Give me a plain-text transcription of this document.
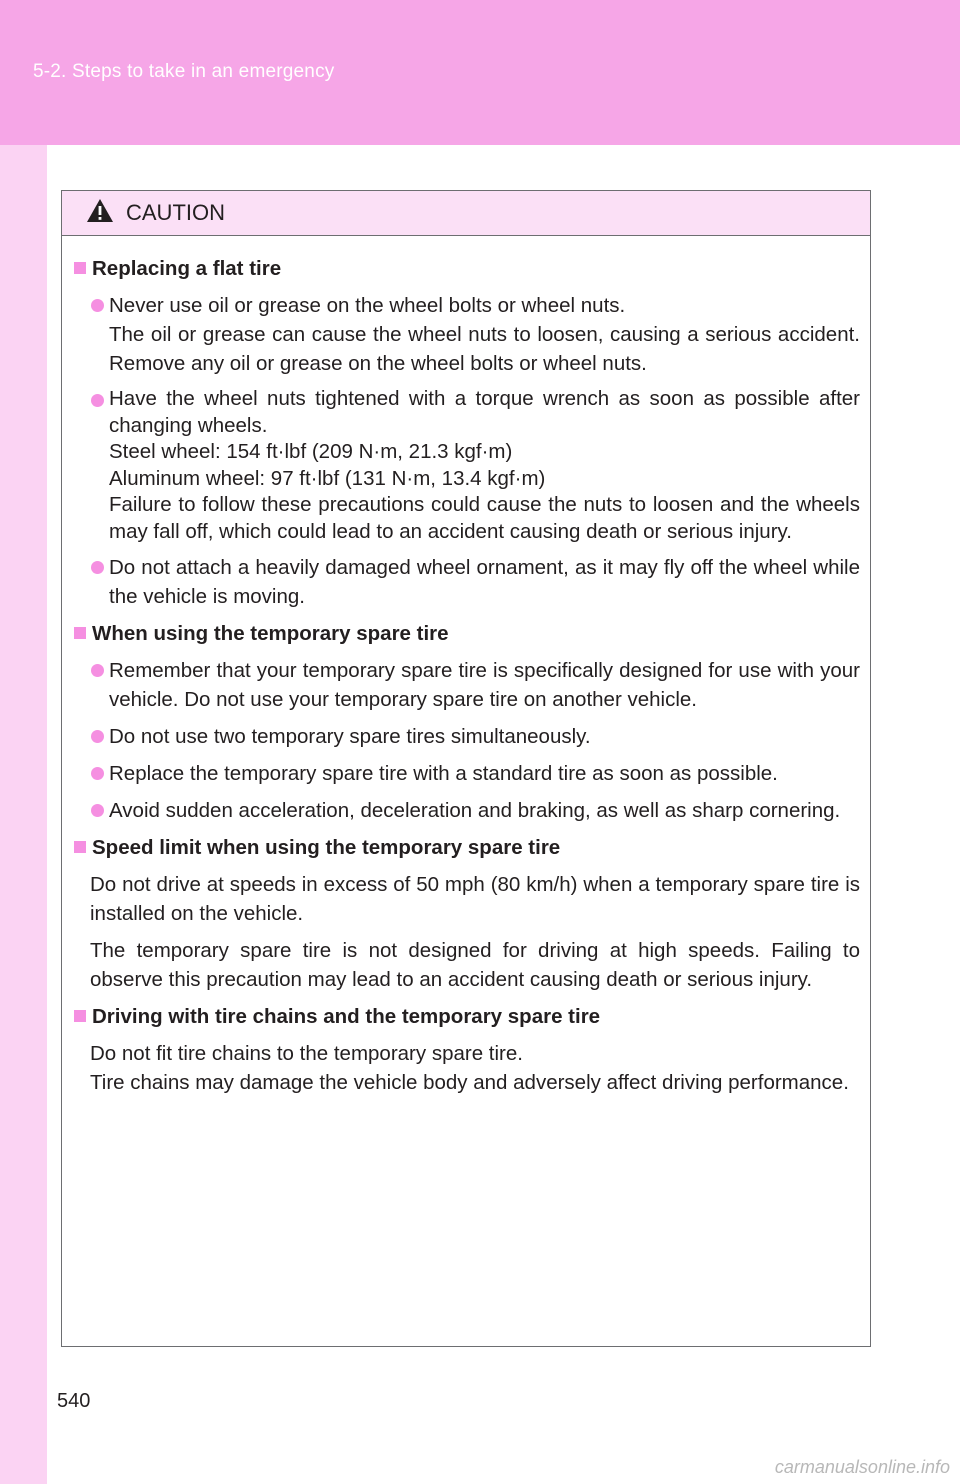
5-2. Steps to take in an emergency
CAUTION
Replacing a flat tire
Never use oil or grease on the wheel bolts or wheel nuts.
The oil or grease can cause the wheel nuts to loosen, causing a serious accident. Remove any oil or grease on the wheel bolts or wheel nuts.
Have the wheel nuts tightened with a torque wrench as soon as possible after changing wheels.
Steel wheel: 154 ft·lbf (209 N·m, 21.3 kgf·m)
Aluminum wheel: 97 ft·lbf (131 N·m, 13.4 kgf·m)
Failure to follow these precautions could cause the nuts to loosen and the wheels may fall off, which could lead to an accident causing death or serious injury.
Do not attach a heavily damaged wheel ornament, as it may fly off the wheel while the vehicle is moving.
When using the temporary spare tire
Remember that your temporary spare tire is specifically designed for use with your vehicle. Do not use your temporary spare tire on another vehicle.
Do not use two temporary spare tires simultaneously.
Replace the temporary spare tire with a standard tire as soon as possible.
Avoid sudden acceleration, deceleration and braking, as well as sharp cornering.
Speed limit when using the temporary spare tire
Do not drive at speeds in excess of 50 mph (80 km/h) when a temporary spare tire is installed on the vehicle.
The temporary spare tire is not designed for driving at high speeds. Failing to observe this precaution may lead to an accident causing death or serious injury.
Driving with tire chains and the temporary spare tire
Do not fit tire chains to the temporary spare tire.
Tire chains may damage the vehicle body and adversely affect driving performance.
540
carmanualsonline.info
